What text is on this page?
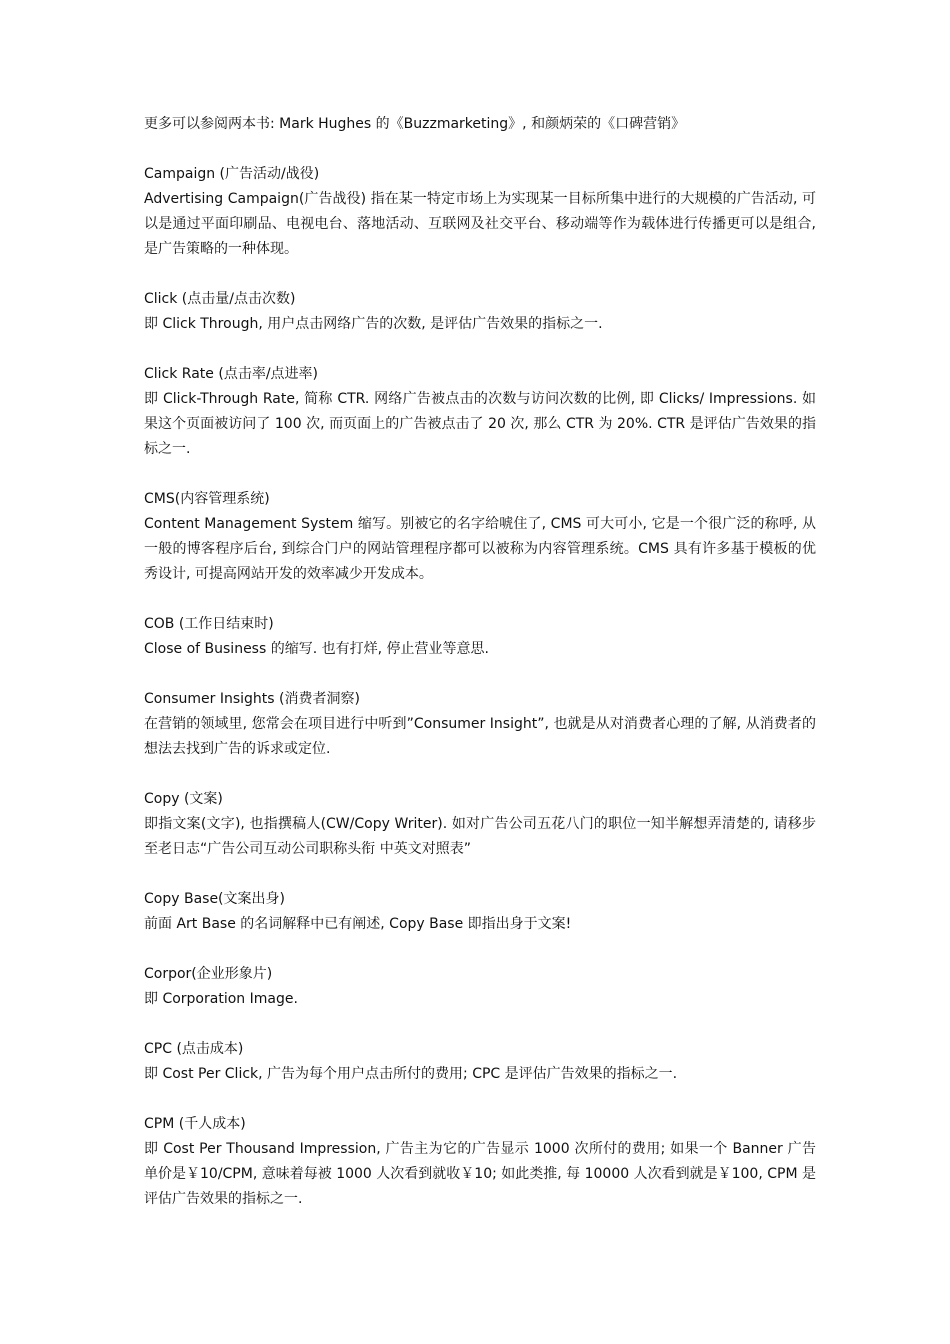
更多可以参阅两本书: Mark Hughes 的《Buzzmarketing》, 和颜炳荣的《口碑营销》

Campaign (广告活动/战役)

Advertising Campaign(广告战役) 指在某一特定市场上为实现某一目标所集中进行的大规模的广告活动, 可以是通过平面印刷品、电视电台、落地活动、互联网及社交平台、移动端等作为载体进行传播更可以是组合, 是广告策略的一种体现。

Click (点击量/点击次数)

即 Click Through, 用户点击网络广告的次数, 是评估广告效果的指标之一.

Click Rate (点击率/点进率)

即 Click-Through Rate, 简称 CTR. 网络广告被点击的次数与访问次数的比例, 即 Clicks/ Impressions. 如果这个页面被访问了 100 次, 而页面上的广告被点击了 20 次, 那么 CTR 为 20%. CTR 是评估广告效果的指标之一.

CMS(内容管理系统)

Content Management System 缩写。别被它的名字给唬住了, CMS 可大可小, 它是一个很广泛的称呼, 从一般的博客程序后台, 到综合门户的网站管理程序都可以被称为内容管理系统。CMS 具有许多基于模板的优秀设计, 可提高网站开发的效率减少开发成本。

COB (工作日结束时)

Close of Business 的缩写. 也有打烊, 停止营业等意思.

Consumer Insights (消费者洞察)

在营销的领域里, 您常会在项目进行中听到”Consumer Insight”, 也就是从对消费者心理的了解, 从消费者的想法去找到广告的诉求或定位.

Copy (文案)

即指文案(文字), 也指撰稿人(CW/Copy Writer). 如对广告公司五花八门的职位一知半解想弄清楚的, 请移步至老日志“广告公司互动公司职称头衔 中英文对照表”

Copy Base(文案出身)

前面 Art Base 的名词解释中已有阐述, Copy Base 即指出身于文案!

Corpor(企业形象片)

即 Corporation Image.

CPC (点击成本)

即 Cost Per Click, 广告为每个用户点击所付的费用; CPC 是评估广告效果的指标之一.

CPM (千人成本)

即 Cost Per Thousand Impression, 广告主为它的广告显示 1000 次所付的费用; 如果一个 Banner 广告单价是￥10/CPM, 意味着每被 1000 人次看到就收￥10; 如此类推, 每 10000 人次看到就是￥100, CPM 是评估广告效果的指标之一.
